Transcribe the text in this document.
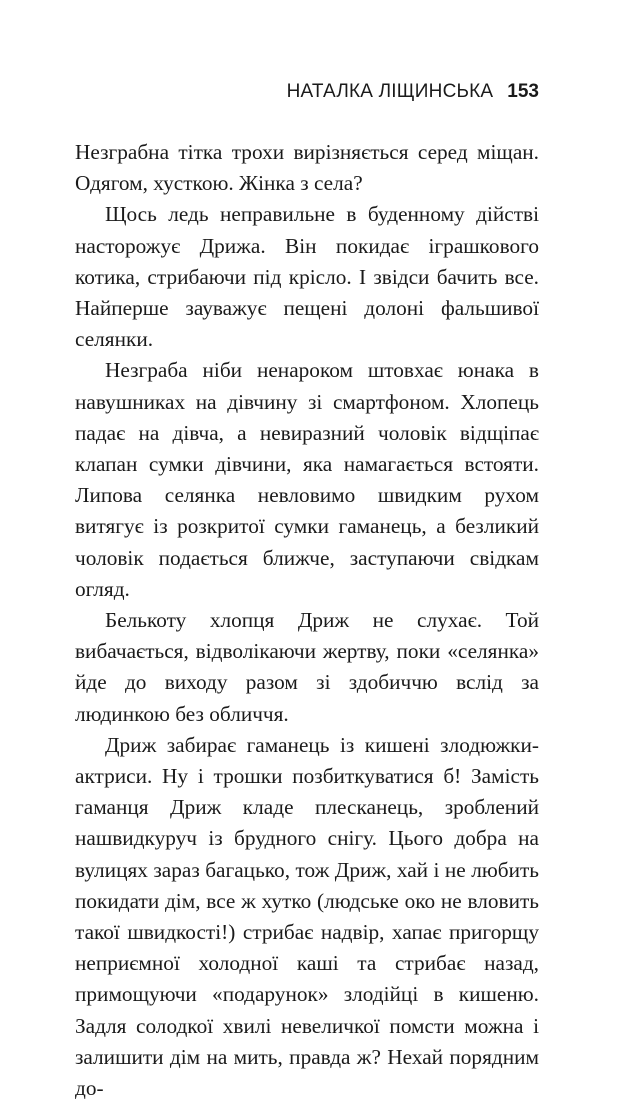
НАТАЛКА ЛІЩИНСЬКА 153

Незграбна тітка трохи вирізняється серед міщан. Одягом, хусткою. Жінка з села?

Щось ледь неправильне в буденному дійстві насторожує Дрижа. Він покидає іграшкового котика, стрибаючи під крісло. І звідси бачить все. Найперше зауважує пещені долоні фальшивої селянки.

Незграба ніби ненароком штовхає юнака в навушниках на дівчину зі смартфоном. Хлопець падає на дівча, а невиразний чоловік відщіпає клапан сумки дівчини, яка намагається встояти. Липова селянка невловимо швидким рухом витягує із розкритої сумки гаманець, а безликий чоловік подається ближче, заступаючи свідкам огляд.

Белькоту хлопця Дриж не слухає. Той вибачається, відволікаючи жертву, поки «селянка» йде до виходу разом зі здобиччю вслід за людинкою без обличчя.

Дриж забирає гаманець із кишені злодюжки-актриси. Ну і трошки позбиткуватися б! Замість гаманця Дриж кладе плесканець, зроблений нашвидкуруч із брудного снігу. Цього добра на вулицях зараз багацько, тож Дриж, хай і не любить покидати дім, все ж хутко (людське око не вловить такої швидкості!) стрибає надвір, хапає пригорщу неприємної холодної каші та стрибає назад, примощуючи «подарунок» злодійці в кишеню. Задля солодкої хвилі невеличкої помсти можна і залишити дім на мить, правда ж? Нехай порядним до-
